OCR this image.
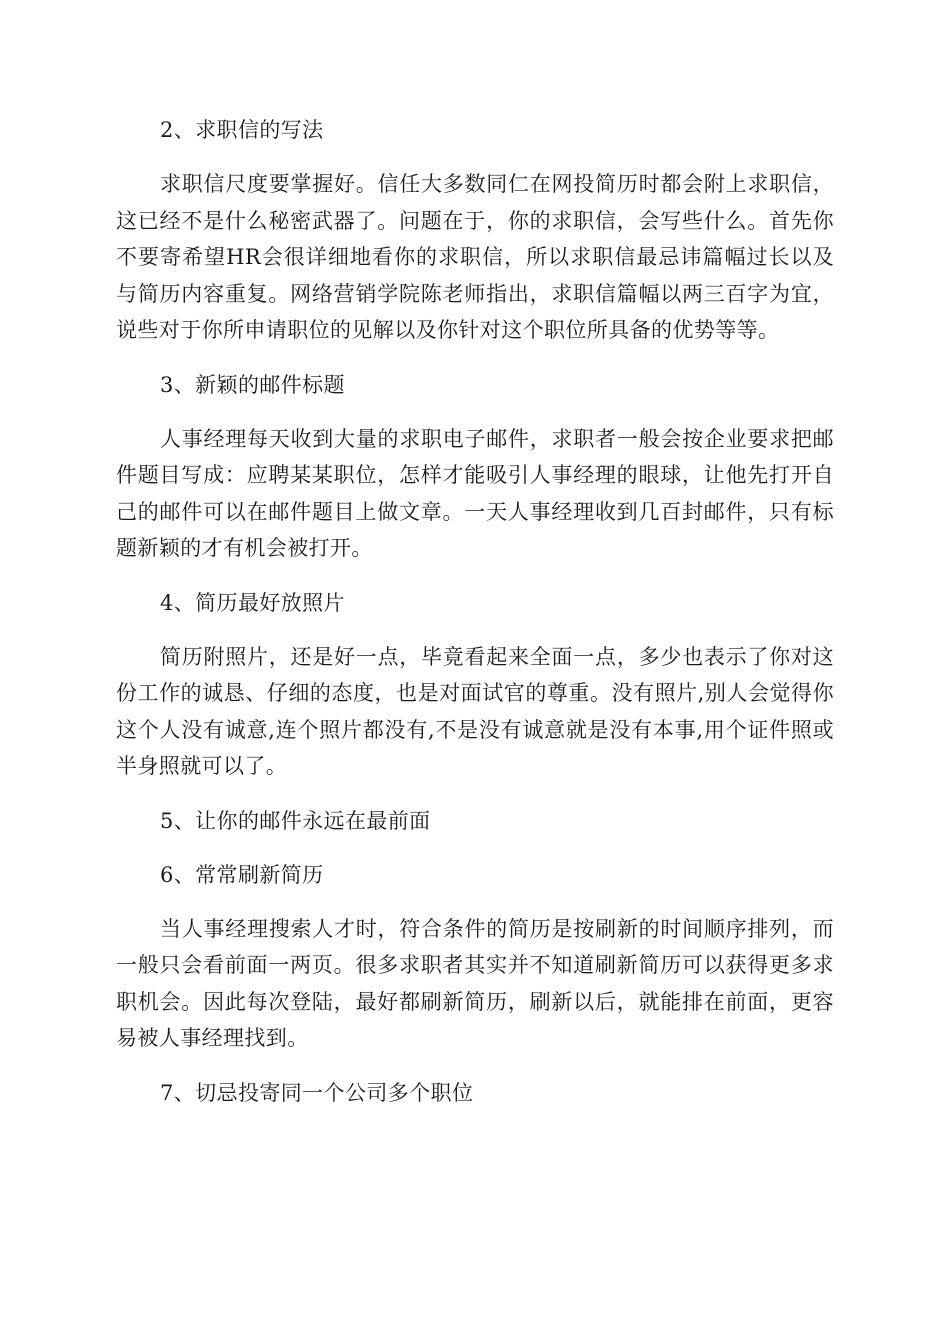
2、求职信的写法

求职信尺度要掌握好。信任大多数同仁在网投简历时都会附上求职信，这已经不是什么秘密武器了。问题在于，你的求职信，会写些什么。首先你不要寄希望HR会很详细地看你的求职信，所以求职信最忌讳篇幅过长以及与简历内容重复。网络营销学院陈老师指出，求职信篇幅以两三百字为宜，说些对于你所申请职位的见解以及你针对这个职位所具备的优势等等。

3、新颖的邮件标题

人事经理每天收到大量的求职电子邮件，求职者一般会按企业要求把邮件题目写成：应聘某某职位，怎样才能吸引人事经理的眼球，让他先打开自己的邮件可以在邮件题目上做文章。一天人事经理收到几百封邮件，只有标题新颖的才有机会被打开。

4、简历最好放照片

简历附照片，还是好一点，毕竟看起来全面一点，多少也表示了你对这份工作的诚恳、仔细的态度，也是对面试官的尊重。没有照片,别人会觉得你这个人没有诚意,连个照片都没有,不是没有诚意就是没有本事,用个证件照或半身照就可以了。

5、让你的邮件永远在最前面

6、常常刷新简历

当人事经理搜索人才时，符合条件的简历是按刷新的时间顺序排列，而一般只会看前面一两页。很多求职者其实并不知道刷新简历可以获得更多求职机会。因此每次登陆，最好都刷新简历，刷新以后，就能排在前面，更容易被人事经理找到。

7、切忌投寄同一个公司多个职位
